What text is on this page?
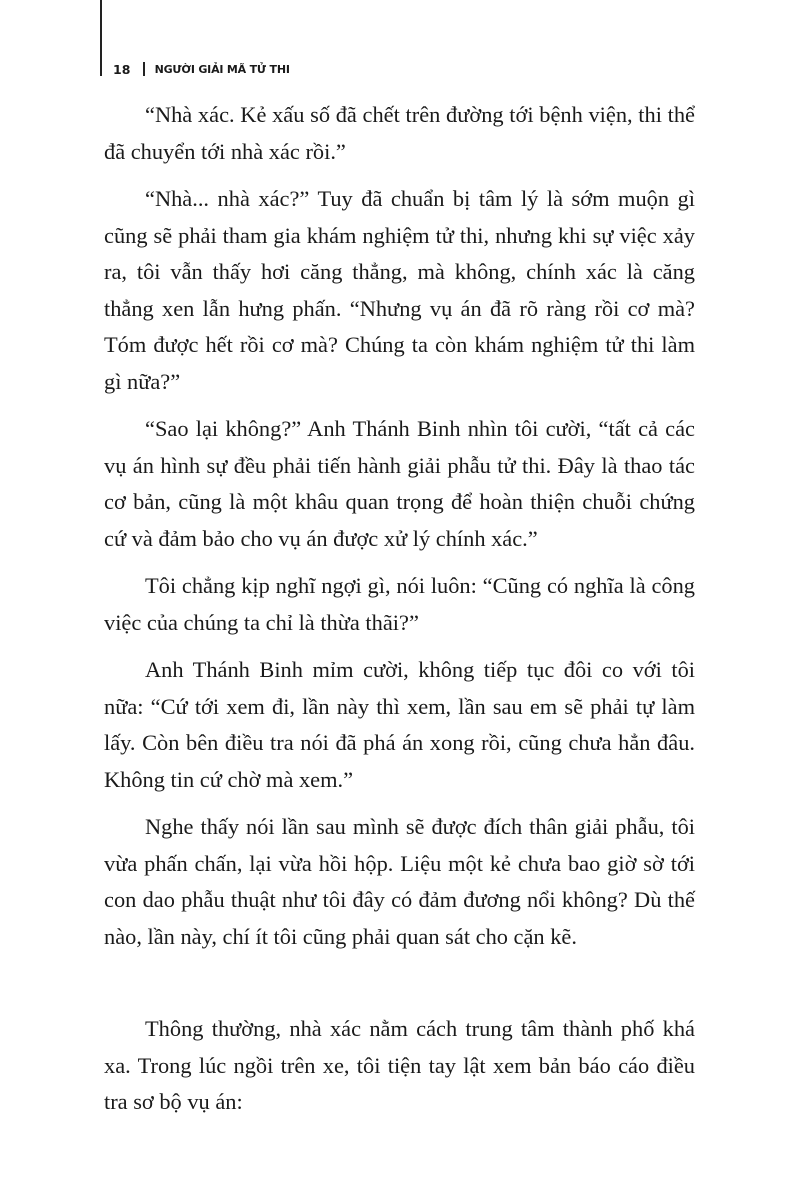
18 NGƯỜI GIẢI MÃ TỬ THI

“Nhà xác. Kẻ xấu số đã chết trên đường tới bệnh viện, thi thể đã chuyển tới nhà xác rồi.”

“Nhà... nhà xác?” Tuy đã chuẩn bị tâm lý là sớm muộn gì cũng sẽ phải tham gia khám nghiệm tử thi, nhưng khi sự việc xảy ra, tôi vẫn thấy hơi căng thẳng, mà không, chính xác là căng thẳng xen lẫn hưng phấn. “Nhưng vụ án đã rõ ràng rồi cơ mà? Tóm được hết rồi cơ mà? Chúng ta còn khám nghiệm tử thi làm gì nữa?”

“Sao lại không?” Anh Thánh Binh nhìn tôi cười, “tất cả các vụ án hình sự đều phải tiến hành giải phẫu tử thi. Đây là thao tác cơ bản, cũng là một khâu quan trọng để hoàn thiện chuỗi chứng cứ và đảm bảo cho vụ án được xử lý chính xác.”

Tôi chẳng kịp nghĩ ngợi gì, nói luôn: “Cũng có nghĩa là công việc của chúng ta chỉ là thừa thãi?”

Anh Thánh Binh mỉm cười, không tiếp tục đôi co với tôi nữa: “Cứ tới xem đi, lần này thì xem, lần sau em sẽ phải tự làm lấy. Còn bên điều tra nói đã phá án xong rồi, cũng chưa hẳn đâu. Không tin cứ chờ mà xem.”

Nghe thấy nói lần sau mình sẽ được đích thân giải phẫu, tôi vừa phấn chấn, lại vừa hồi hộp. Liệu một kẻ chưa bao giờ sờ tới con dao phẫu thuật như tôi đây có đảm đương nổi không? Dù thế nào, lần này, chí ít tôi cũng phải quan sát cho cặn kẽ.

Thông thường, nhà xác nằm cách trung tâm thành phố khá xa. Trong lúc ngồi trên xe, tôi tiện tay lật xem bản báo cáo điều tra sơ bộ vụ án:
